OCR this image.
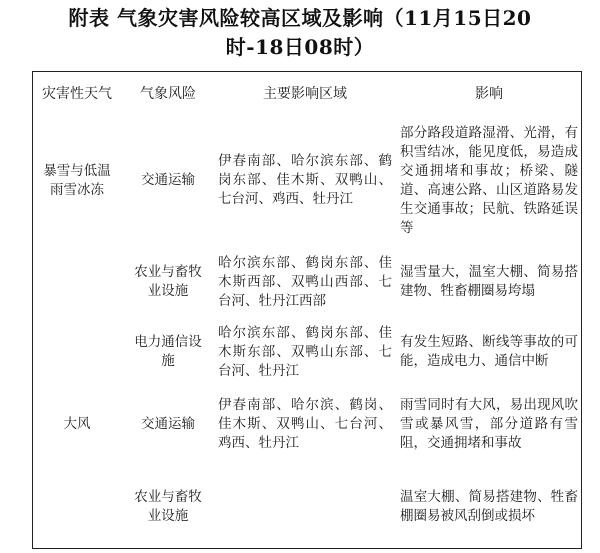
附表 气象灾害风险较高区域及影响（11月15日20
时-18日08时）
灾害性天气	气象风险	主要影响区域	影响
暴雪与低温雨雪冰冻	交通运输	伊春南部、哈尔滨东部、鹤岗东部、佳木斯、双鸭山、七台河、鸡西、牡丹江	部分路段道路湿滑、光滑，有积雪结冰，能见度低，易造成交通拥堵和事故；桥梁、隧道、高速公路、山区道路易发生交通事故；民航、铁路延误等
	农业与畜牧业设施	哈尔滨东部、鹤岗东部、佳木斯西部、双鸭山西部、七台河、牡丹江西部	湿雪量大，温室大棚、简易搭建物、牲畜棚圈易垮塌
	电力通信设施	哈尔滨东部、鹤岗东部、佳木斯东部、双鸭山东部、七台河、牡丹江	有发生短路、断线等事故的可能，造成电力、通信中断
大风	交通运输	伊春南部、哈尔滨、鹤岗、佳木斯、双鸭山、七台河、鸡西、牡丹江	雨雪同时有大风，易出现风吹雪或暴风雪，部分道路有雪阻，交通拥堵和事故
	农业与畜牧业设施		温室大棚、简易搭建物、牲畜棚圈易被风刮倒或损坏
